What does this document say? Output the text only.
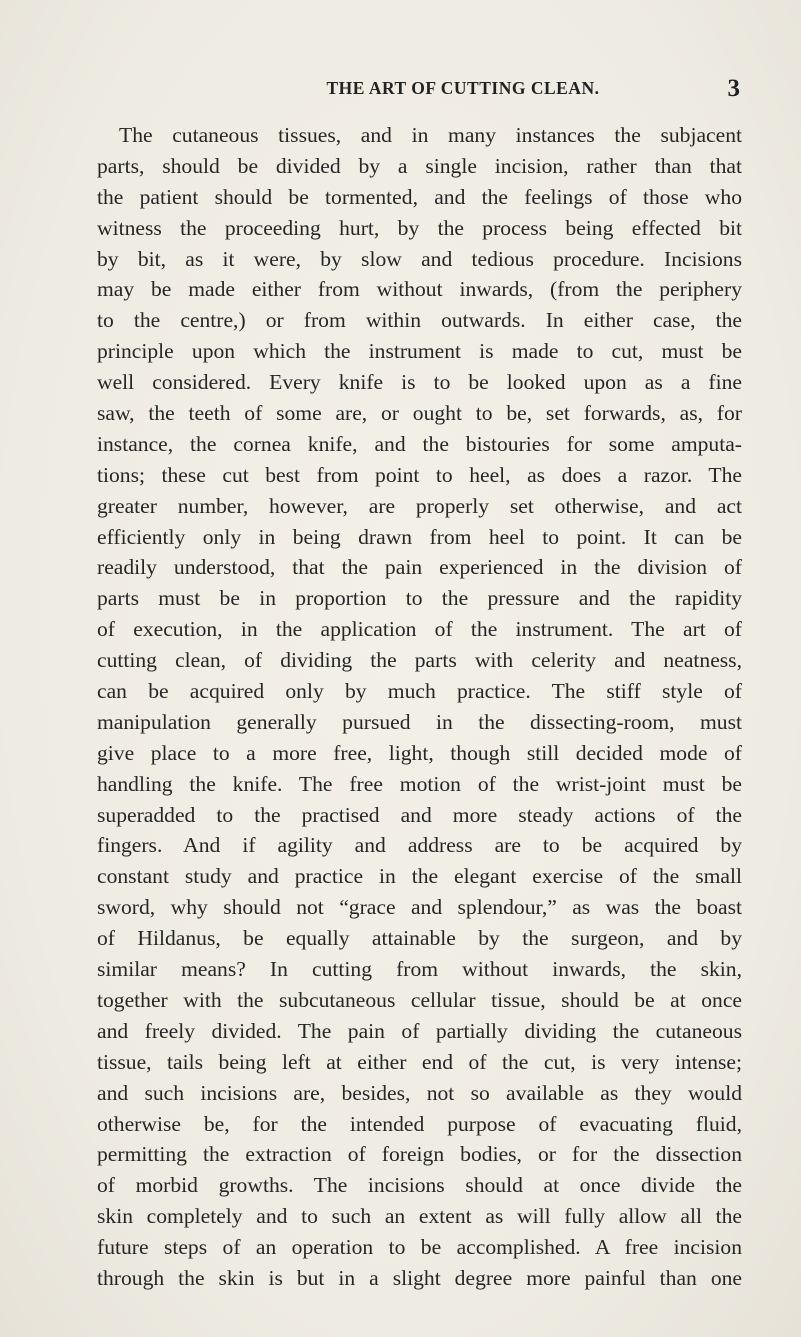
THE ART OF CUTTING CLEAN.	3
The cutaneous tissues, and in many instances the subjacent
parts, should be divided by a single incision, rather than that
the patient should be tormented, and the feelings of those who
witness the proceeding hurt, by the process being effected bit
by bit, as it were, by slow and tedious procedure. Incisions
may be made either from without inwards, (from the periphery
to the centre,) or from within outwards. In either case, the
principle upon which the instrument is made to cut, must be
well considered. Every knife is to be looked upon as a fine
saw, the teeth of some are, or ought to be, set forwards, as, for
instance, the cornea knife, and the bistouries for some amputa-
tions; these cut best from point to heel, as does a razor. The
greater number, however, are properly set otherwise, and act
efficiently only in being drawn from heel to point. It can be
readily understood, that the pain experienced in the division of
parts must be in proportion to the pressure and the rapidity
of execution, in the application of the instrument. The art of
cutting clean, of dividing the parts with celerity and neatness,
can be acquired only by much practice. The stiff style of
manipulation generally pursued in the dissecting-room, must
give place to a more free, light, though still decided mode of
handling the knife. The free motion of the wrist-joint must be
superadded to the practised and more steady actions of the
fingers. And if agility and address are to be acquired by
constant study and practice in the elegant exercise of the small
sword, why should not “grace and splendour,” as was the boast
of Hildanus, be equally attainable by the surgeon, and by
similar means? In cutting from without inwards, the skin,
together with the subcutaneous cellular tissue, should be at once
and freely divided. The pain of partially dividing the cutaneous
tissue, tails being left at either end of the cut, is very intense;
and such incisions are, besides, not so available as they would
otherwise be, for the intended purpose of evacuating fluid,
permitting the extraction of foreign bodies, or for the dissection
of morbid growths. The incisions should at once divide the
skin completely and to such an extent as will fully allow all the
future steps of an operation to be accomplished. A free incision
through the skin is but in a slight degree more painful than one
